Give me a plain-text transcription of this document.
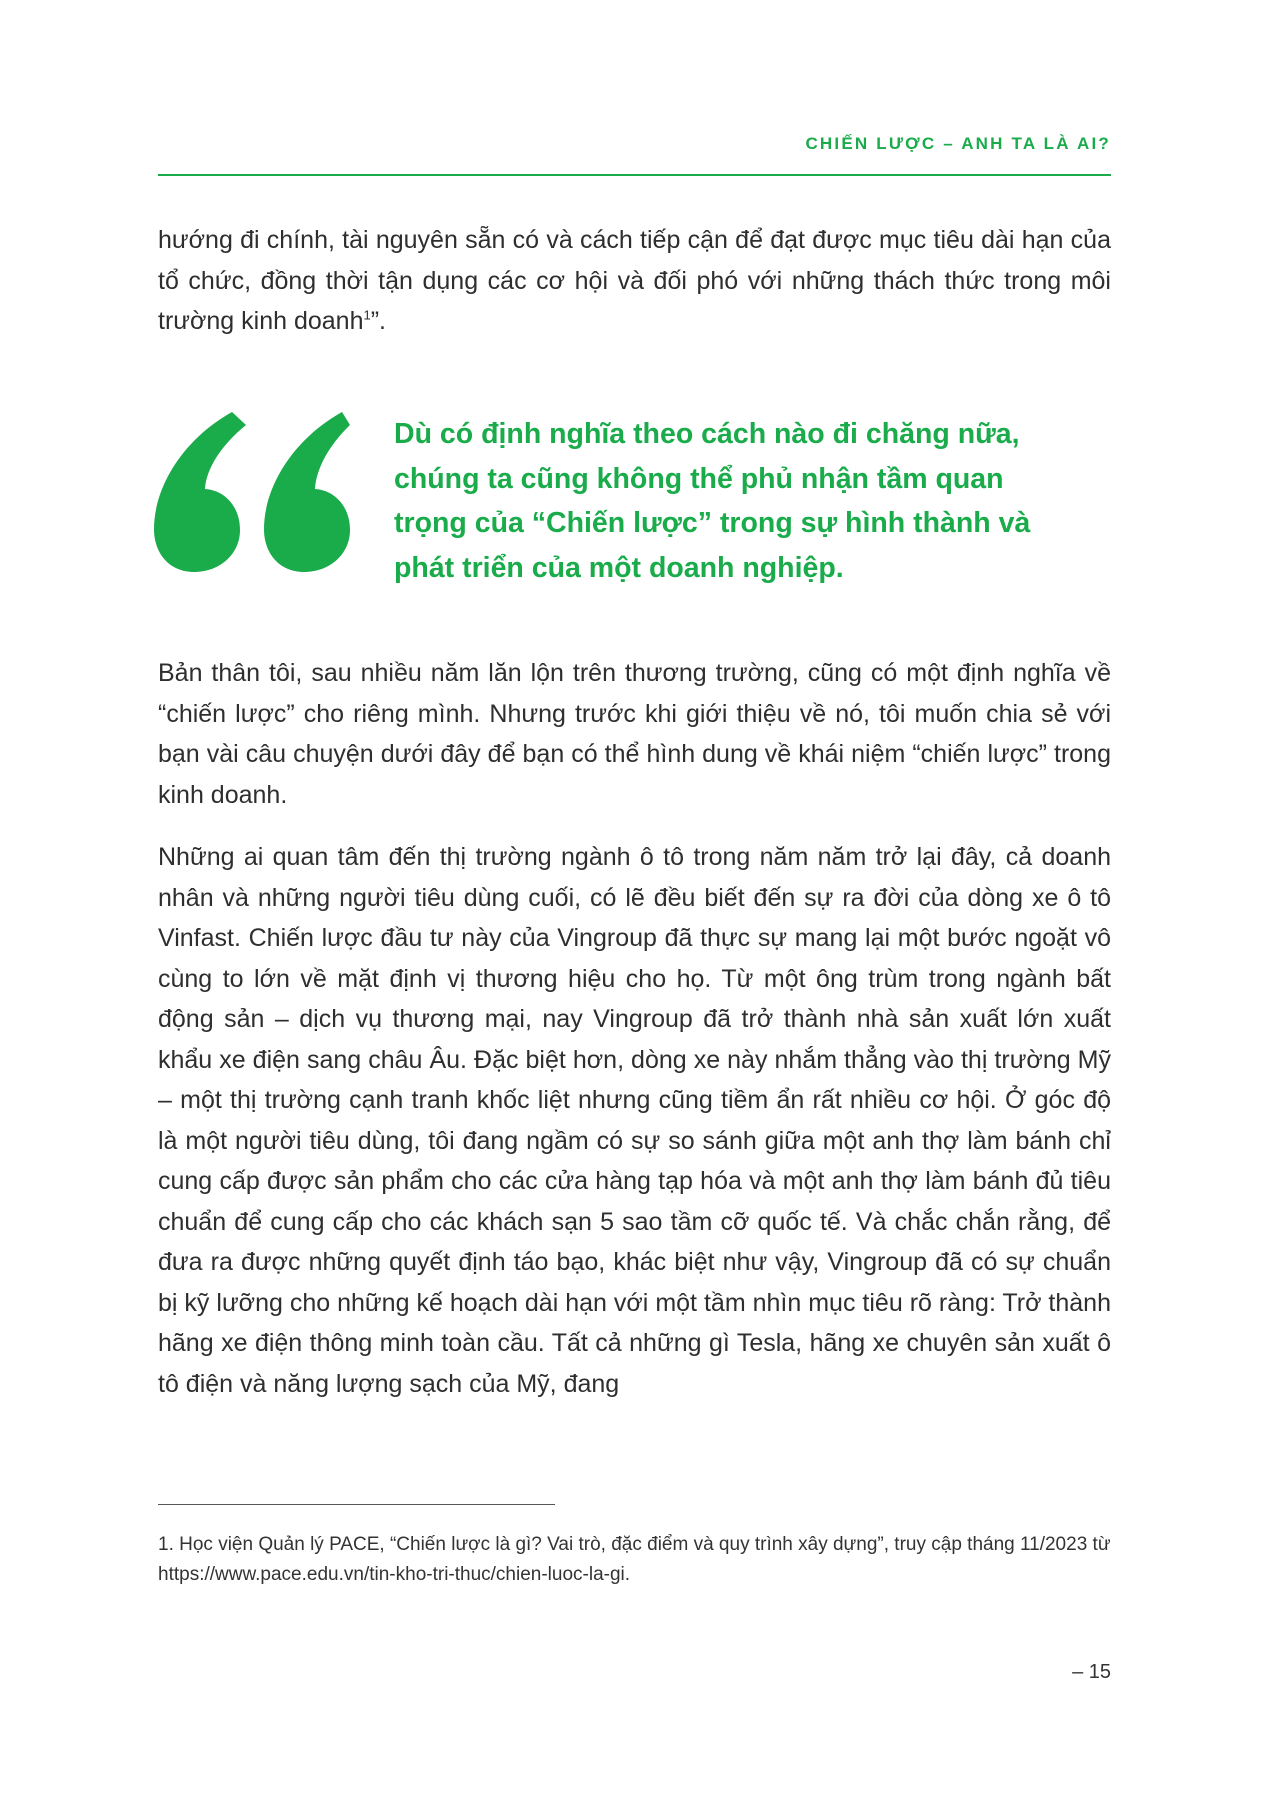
CHIẾN LƯỢC – ANH TA LÀ AI?

hướng đi chính, tài nguyên sẵn có và cách tiếp cận để đạt được mục tiêu dài hạn của tổ chức, đồng thời tận dụng các cơ hội và đối phó với những thách thức trong môi trường kinh doanh$^1$”.

Dù có định nghĩa theo cách nào đi chăng nữa, chúng ta cũng không thể phủ nhận tầm quan trọng của “Chiến lược” trong sự hình thành và phát triển của một doanh nghiệp.

Bản thân tôi, sau nhiều năm lăn lộn trên thương trường, cũng có một định nghĩa về “chiến lược” cho riêng mình. Nhưng trước khi giới thiệu về nó, tôi muốn chia sẻ với bạn vài câu chuyện dưới đây để bạn có thể hình dung về khái niệm “chiến lược” trong kinh doanh.

Những ai quan tâm đến thị trường ngành ô tô trong năm năm trở lại đây, cả doanh nhân và những người tiêu dùng cuối, có lẽ đều biết đến sự ra đời của dòng xe ô tô Vinfast. Chiến lược đầu tư này của Vingroup đã thực sự mang lại một bước ngoặt vô cùng to lớn về mặt định vị thương hiệu cho họ. Từ một ông trùm trong ngành bất động sản – dịch vụ thương mại, nay Vingroup đã trở thành nhà sản xuất lớn xuất khẩu xe điện sang châu Âu. Đặc biệt hơn, dòng xe này nhắm thẳng vào thị trường Mỹ – một thị trường cạnh tranh khốc liệt nhưng cũng tiềm ẩn rất nhiều cơ hội. Ở góc độ là một người tiêu dùng, tôi đang ngầm có sự so sánh giữa một anh thợ làm bánh chỉ cung cấp được sản phẩm cho các cửa hàng tạp hóa và một anh thợ làm bánh đủ tiêu chuẩn để cung cấp cho các khách sạn 5 sao tầm cỡ quốc tế. Và chắc chắn rằng, để đưa ra được những quyết định táo bạo, khác biệt như vậy, Vingroup đã có sự chuẩn bị kỹ lưỡng cho những kế hoạch dài hạn với một tầm nhìn mục tiêu rõ ràng: Trở thành hãng xe điện thông minh toàn cầu. Tất cả những gì Tesla, hãng xe chuyên sản xuất ô tô điện và năng lượng sạch của Mỹ, đang

1. Học viện Quản lý PACE, “Chiến lược là gì? Vai trò, đặc điểm và quy trình xây dựng”, truy cập tháng 11/2023 từ https://www.pace.edu.vn/tin-kho-tri-thuc/chien-luoc-la-gi.

– 15
